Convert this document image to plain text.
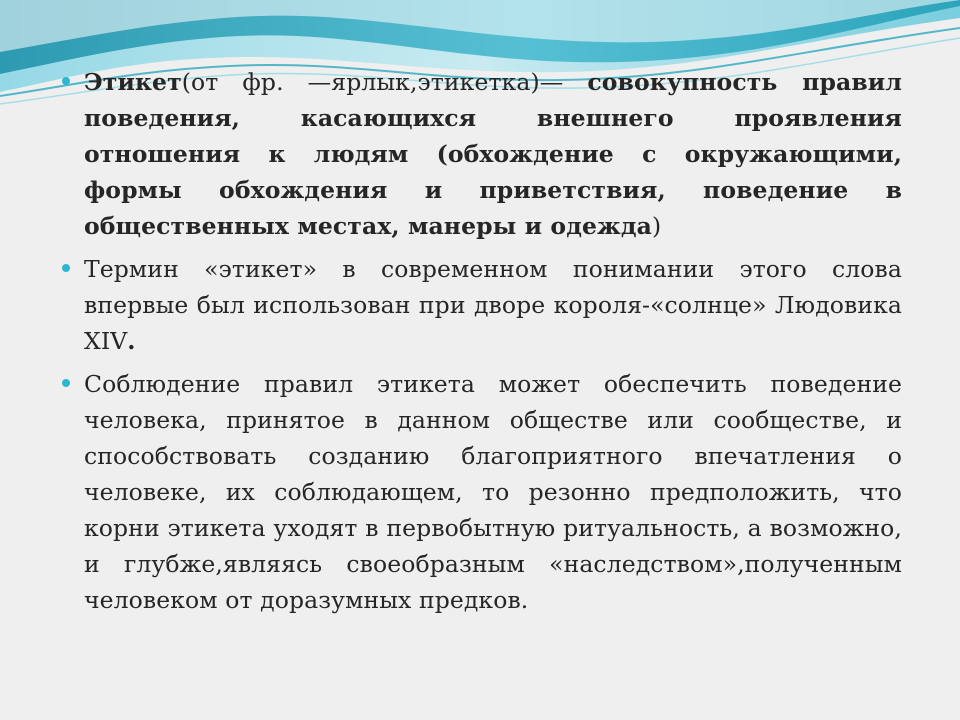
Этикет(от фр. —ярлык,этикетка)— совокупность правил поведения, касающихся внешнего проявления отношения к людям (обхождение с окружающими, формы обхождения и приветствия, поведение в общественных местах, манеры и одежда)
Термин «этикет» в современном понимании этого слова впервые был использован при дворе короля-«солнце» Людовика XIV.
Соблюдение правил этикета может обеспечить поведение человека, принятое в данном обществе или сообществе, и способствовать созданию благоприятного впечатления о человеке, их соблюдающем, то резонно предположить, что корни этикета уходят в первобытную ритуальность, а возможно, и глубже,являясь своеобразным «наследством»,полученным человеком от доразумных предков.
